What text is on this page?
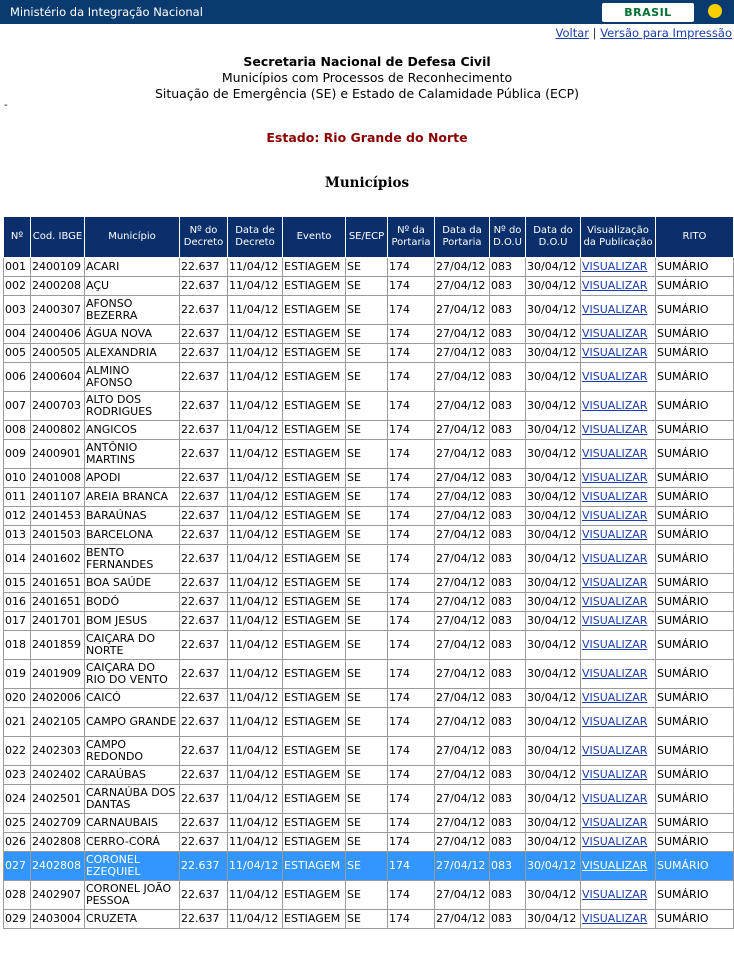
Ministério da Integração Nacional	BRASIL
Voltar | Versão para Impressão
Secretaria Nacional de Defesa Civil
Municípios com Processos de Reconhecimento
Situação de Emergência (SE) e Estado de Calamidade Pública (ECP)
-
Estado: Rio Grande do Norte
Municípios
Nº	Cod. IBGE	Município	Nº do Decreto	Data de Decreto	Evento	SE/ECP	Nº da Portaria	Data da Portaria	Nº do D.O.U	Data do D.O.U	Visualização da Publicação	RITO
001	2400109	ACARI	22.637	11/04/12	ESTIAGEM	SE	174	27/04/12	083	30/04/12	VISUALIZAR	SUMÁRIO
002	2400208	AÇU	22.637	11/04/12	ESTIAGEM	SE	174	27/04/12	083	30/04/12	VISUALIZAR	SUMÁRIO
003	2400307	AFONSO BEZERRA	22.637	11/04/12	ESTIAGEM	SE	174	27/04/12	083	30/04/12	VISUALIZAR	SUMÁRIO
004	2400406	ÁGUA NOVA	22.637	11/04/12	ESTIAGEM	SE	174	27/04/12	083	30/04/12	VISUALIZAR	SUMÁRIO
005	2400505	ALEXANDRIA	22.637	11/04/12	ESTIAGEM	SE	174	27/04/12	083	30/04/12	VISUALIZAR	SUMÁRIO
006	2400604	ALMINO AFONSO	22.637	11/04/12	ESTIAGEM	SE	174	27/04/12	083	30/04/12	VISUALIZAR	SUMÁRIO
007	2400703	ALTO DOS RODRIGUES	22.637	11/04/12	ESTIAGEM	SE	174	27/04/12	083	30/04/12	VISUALIZAR	SUMÁRIO
008	2400802	ANGICOS	22.637	11/04/12	ESTIAGEM	SE	174	27/04/12	083	30/04/12	VISUALIZAR	SUMÁRIO
009	2400901	ANTÔNIO MARTINS	22.637	11/04/12	ESTIAGEM	SE	174	27/04/12	083	30/04/12	VISUALIZAR	SUMÁRIO
010	2401008	APODI	22.637	11/04/12	ESTIAGEM	SE	174	27/04/12	083	30/04/12	VISUALIZAR	SUMÁRIO
011	2401107	AREIA BRANCA	22.637	11/04/12	ESTIAGEM	SE	174	27/04/12	083	30/04/12	VISUALIZAR	SUMÁRIO
012	2401453	BARAÚNAS	22.637	11/04/12	ESTIAGEM	SE	174	27/04/12	083	30/04/12	VISUALIZAR	SUMÁRIO
013	2401503	BARCELONA	22.637	11/04/12	ESTIAGEM	SE	174	27/04/12	083	30/04/12	VISUALIZAR	SUMÁRIO
014	2401602	BENTO FERNANDES	22.637	11/04/12	ESTIAGEM	SE	174	27/04/12	083	30/04/12	VISUALIZAR	SUMÁRIO
015	2401651	BOA SAÚDE	22.637	11/04/12	ESTIAGEM	SE	174	27/04/12	083	30/04/12	VISUALIZAR	SUMÁRIO
016	2401651	BODÓ	22.637	11/04/12	ESTIAGEM	SE	174	27/04/12	083	30/04/12	VISUALIZAR	SUMÁRIO
017	2401701	BOM JESUS	22.637	11/04/12	ESTIAGEM	SE	174	27/04/12	083	30/04/12	VISUALIZAR	SUMÁRIO
018	2401859	CAIÇARA DO NORTE	22.637	11/04/12	ESTIAGEM	SE	174	27/04/12	083	30/04/12	VISUALIZAR	SUMÁRIO
019	2401909	CAIÇARA DO RIO DO VENTO	22.637	11/04/12	ESTIAGEM	SE	174	27/04/12	083	30/04/12	VISUALIZAR	SUMÁRIO
020	2402006	CAICÓ	22.637	11/04/12	ESTIAGEM	SE	174	27/04/12	083	30/04/12	VISUALIZAR	SUMÁRIO
021	2402105	CAMPO GRANDE	22.637	11/04/12	ESTIAGEM	SE	174	27/04/12	083	30/04/12	VISUALIZAR	SUMÁRIO
022	2402303	CAMPO REDONDO	22.637	11/04/12	ESTIAGEM	SE	174	27/04/12	083	30/04/12	VISUALIZAR	SUMÁRIO
023	2402402	CARAÚBAS	22.637	11/04/12	ESTIAGEM	SE	174	27/04/12	083	30/04/12	VISUALIZAR	SUMÁRIO
024	2402501	CARNAÚBA DOS DANTAS	22.637	11/04/12	ESTIAGEM	SE	174	27/04/12	083	30/04/12	VISUALIZAR	SUMÁRIO
025	2402709	CARNAUBAIS	22.637	11/04/12	ESTIAGEM	SE	174	27/04/12	083	30/04/12	VISUALIZAR	SUMÁRIO
026	2402808	CERRO-CORÁ	22.637	11/04/12	ESTIAGEM	SE	174	27/04/12	083	30/04/12	VISUALIZAR	SUMÁRIO
027	2402808	CORONEL EZEQUIEL	22.637	11/04/12	ESTIAGEM	SE	174	27/04/12	083	30/04/12	VISUALIZAR	SUMÁRIO
028	2402907	CORONEL JOÃO PESSOA	22.637	11/04/12	ESTIAGEM	SE	174	27/04/12	083	30/04/12	VISUALIZAR	SUMÁRIO
029	2403004	CRUZETA	22.637	11/04/12	ESTIAGEM	SE	174	27/04/12	083	30/04/12	VISUALIZAR	SUMÁRIO
